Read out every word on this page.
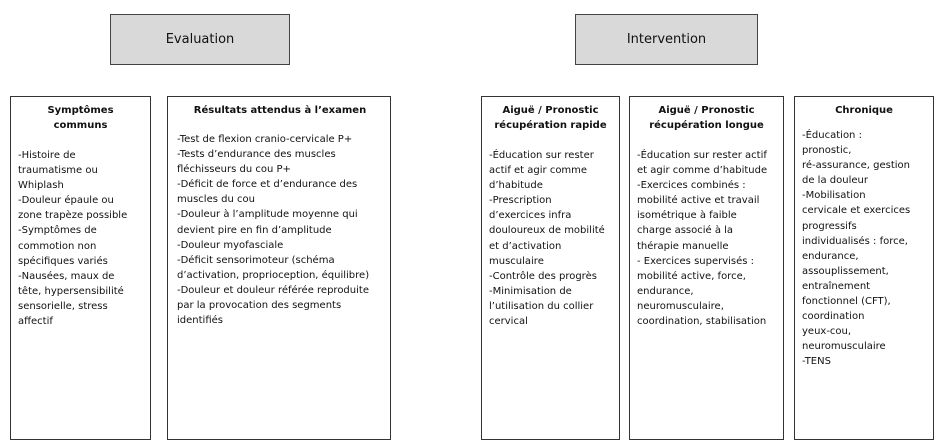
Evaluation	Intervention
Symptômes
communs
-Histoire de
traumatisme ou
Whiplash
-Douleur épaule ou
zone trapèze possible
-Symptômes de
commotion non
spécifiques variés
-Nausées, maux de
tête, hypersensibilité
sensorielle, stress
affectif
Résultats attendus à l’examen
-Test de flexion cranio-cervicale P+
-Tests d’endurance des muscles
fléchisseurs du cou P+
-Déficit de force et d’endurance des
muscles du cou
-Douleur à l’amplitude moyenne qui
devient pire en fin d’amplitude
-Douleur myofasciale
-Déficit sensorimoteur (schéma
d’activation, proprioception, équilibre)
-Douleur et douleur référée reproduite
par la provocation des segments
identifiés
Aiguë / Pronostic
récupération rapide
-Éducation sur rester
actif et agir comme
d’habitude
-Prescription
d’exercices infra
douloureux de mobilité
et d’activation
musculaire
-Contrôle des progrès
-Minimisation de
l’utilisation du collier
cervical
Aiguë / Pronostic
récupération longue
-Éducation sur rester actif
et agir comme d’habitude
-Exercices combinés :
mobilité active et travail
isométrique à faible
charge associé à la
thérapie manuelle
- Exercices supervisés :
mobilité active, force,
endurance,
neuromusculaire,
coordination, stabilisation
Chronique
-Éducation :
pronostic,
ré-assurance, gestion
de la douleur
-Mobilisation
cervicale et exercices
progressifs
individualisés : force,
endurance,
assouplissement,
entraînement
fonctionnel (CFT),
coordination
yeux-cou,
neuromusculaire
-TENS
